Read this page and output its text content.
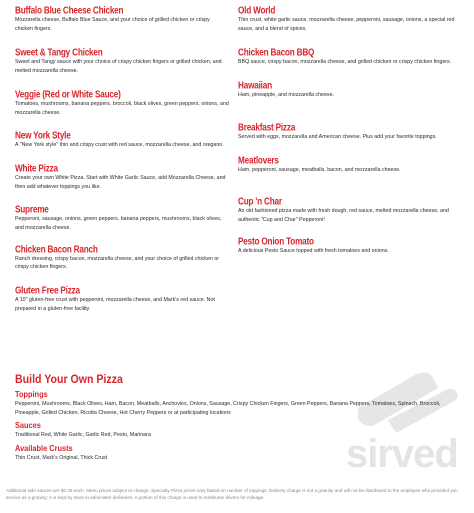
Buffalo Blue Cheese Chicken
Mozzarella cheese, Buffalo Blue Sauce, and your choice of grilled chicken or crispy chicken fingers.
Sweet & Tangy Chicken
Sweet and Tangy sauce with your choice of crispy chicken fingers or grilled chicken, and melted mozzarella cheese.
Veggie (Red or White Sauce)
Tomatoes, mushrooms, banana peppers, broccoli, black olives, green peppers, onions, and mozzarella cheese.
New York Style
A "New York style" thin and crispy crust with red sauce, mozzarella cheese, and oregano.
White Pizza
Create your own White Pizza. Start with White Garlic Sauce, add Mozzarella Cheese, and then add whatever toppings you like.
Supreme
Pepperoni, sausage, onions, green peppers, banana peppers, mushrooms, black olives, and mozzarella cheese.
Chicken Bacon Ranch
Ranch dressing, crispy bacon, mozzarella cheese, and your choice of grilled chicken or crispy chicken fingers.
Gluten Free Pizza
A 10" gluten-free crust with pepperoni, mozzarella cheese, and Mark's red sauce. Not prepared in a gluten-free facility.
Old World
Thin crust, white garlic sauce, mozzarella cheese, pepperoni, sausage, onions, a special red sauce, and a blend of spices.
Chicken Bacon BBQ
BBQ sauce, crispy bacon, mozzarella cheese, and grilled chicken or crispy chicken fingers.
Hawaiian
Ham, pineapple, and mozzarella cheese.
Breakfast Pizza
Served with eggs, mozzarella and American cheese. Plus add your favorite toppings.
Meatlovers
Ham, pepperoni, sausage, meatballs, bacon, and mozzarella cheese.
Cup 'n Char
An old fashioned pizza made with fresh dough, red sauce, melted mozzarella cheese, and authentic "Cup and Char" Pepperoni!
Pesto Onion Tomato
A delicious Pesto Sauce topped with fresh tomatoes and onions.
sirved
Build Your Own Pizza
Toppings
Pepperoni, Mushrooms, Black Olives, Ham, Bacon, Meatballs, Anchovies, Onions, Sausage, Crispy Chicken Fingers, Green Peppers, Banana Peppers, Tomatoes, Spinach, Broccoli, Pineapple, Grilled Chicken, Ricotta Cheese, Hot Cherry Peppers or at participating locations
Sauces
Traditional Red, White Garlic, Garlic Red, Pesto, Marinara
Available Crusts
Thin Crust, Mark's Original, Thick Crust
Additional side sauces are $0.35 each. Menu prices subject to change. Specialty Pizza prices vary based on number of toppings. Delivery charge is not a gratuity and will not be distributed to the employee who provided you service as a gratuity; it is kept by store to administer deliveries. A portion of this charge is used to reimburse drivers for mileage.
